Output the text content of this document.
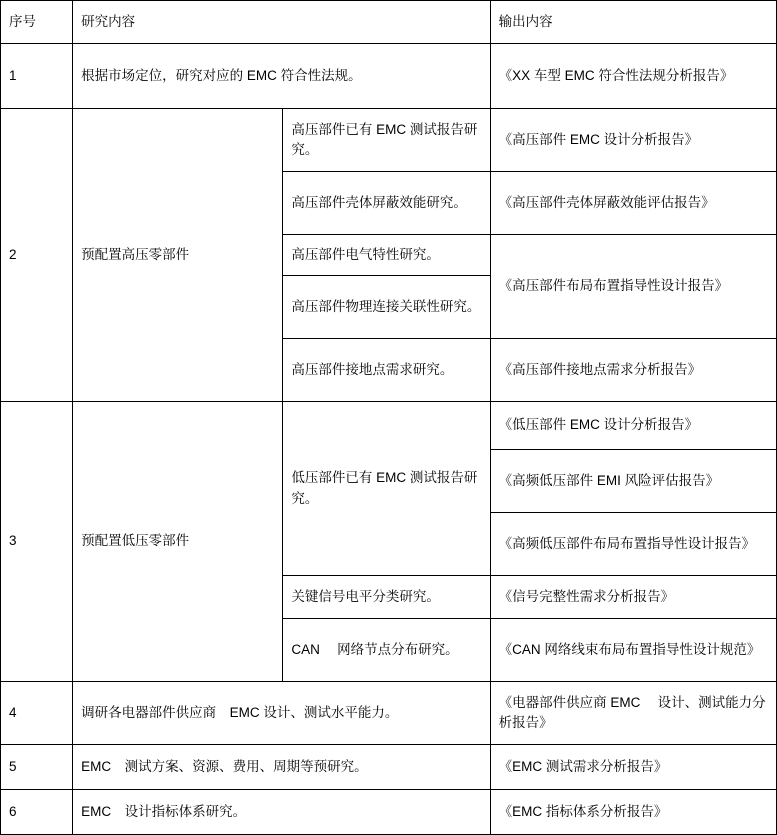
序号	研究内容		输出内容
1	根据市场定位，研究对应的 EMC 符合性法规。		《XX 车型 EMC 符合性法规分析报告》
2	预配置高压零部件	高压部件已有 EMC 测试报告研究。	《高压部件 EMC 设计分析报告》
		高压部件壳体屏蔽效能研究。	《高压部件壳体屏蔽效能评估报告》
		高压部件电气特性研究。	《高压部件布局布置指导性设计报告》
		高压部件物理连接关联性研究。	
		高压部件接地点需求研究。	《高压部件接地点需求分析报告》
3	预配置低压零部件	低压部件已有 EMC 测试报告研究。	《低压部件 EMC 设计分析报告》
			《高频低压部件 EMI 风险评估报告》
			《高频低压部件布局布置指导性设计报告》
		关键信号电平分类研究。	《信号完整性需求分析报告》
		CAN 　网络节点分布研究。	《CAN 网络线束布局布置指导性设计规范》
4	调研各电器部件供应商　EMC 设计、测试水平能力。		《电器部件供应商 EMC 　设计、测试能力分析报告》
5	EMC　测试方案、资源、费用、周期等预研究。		《EMC 测试需求分析报告》
6	EMC　设计指标体系研究。		《EMC 指标体系分析报告》
